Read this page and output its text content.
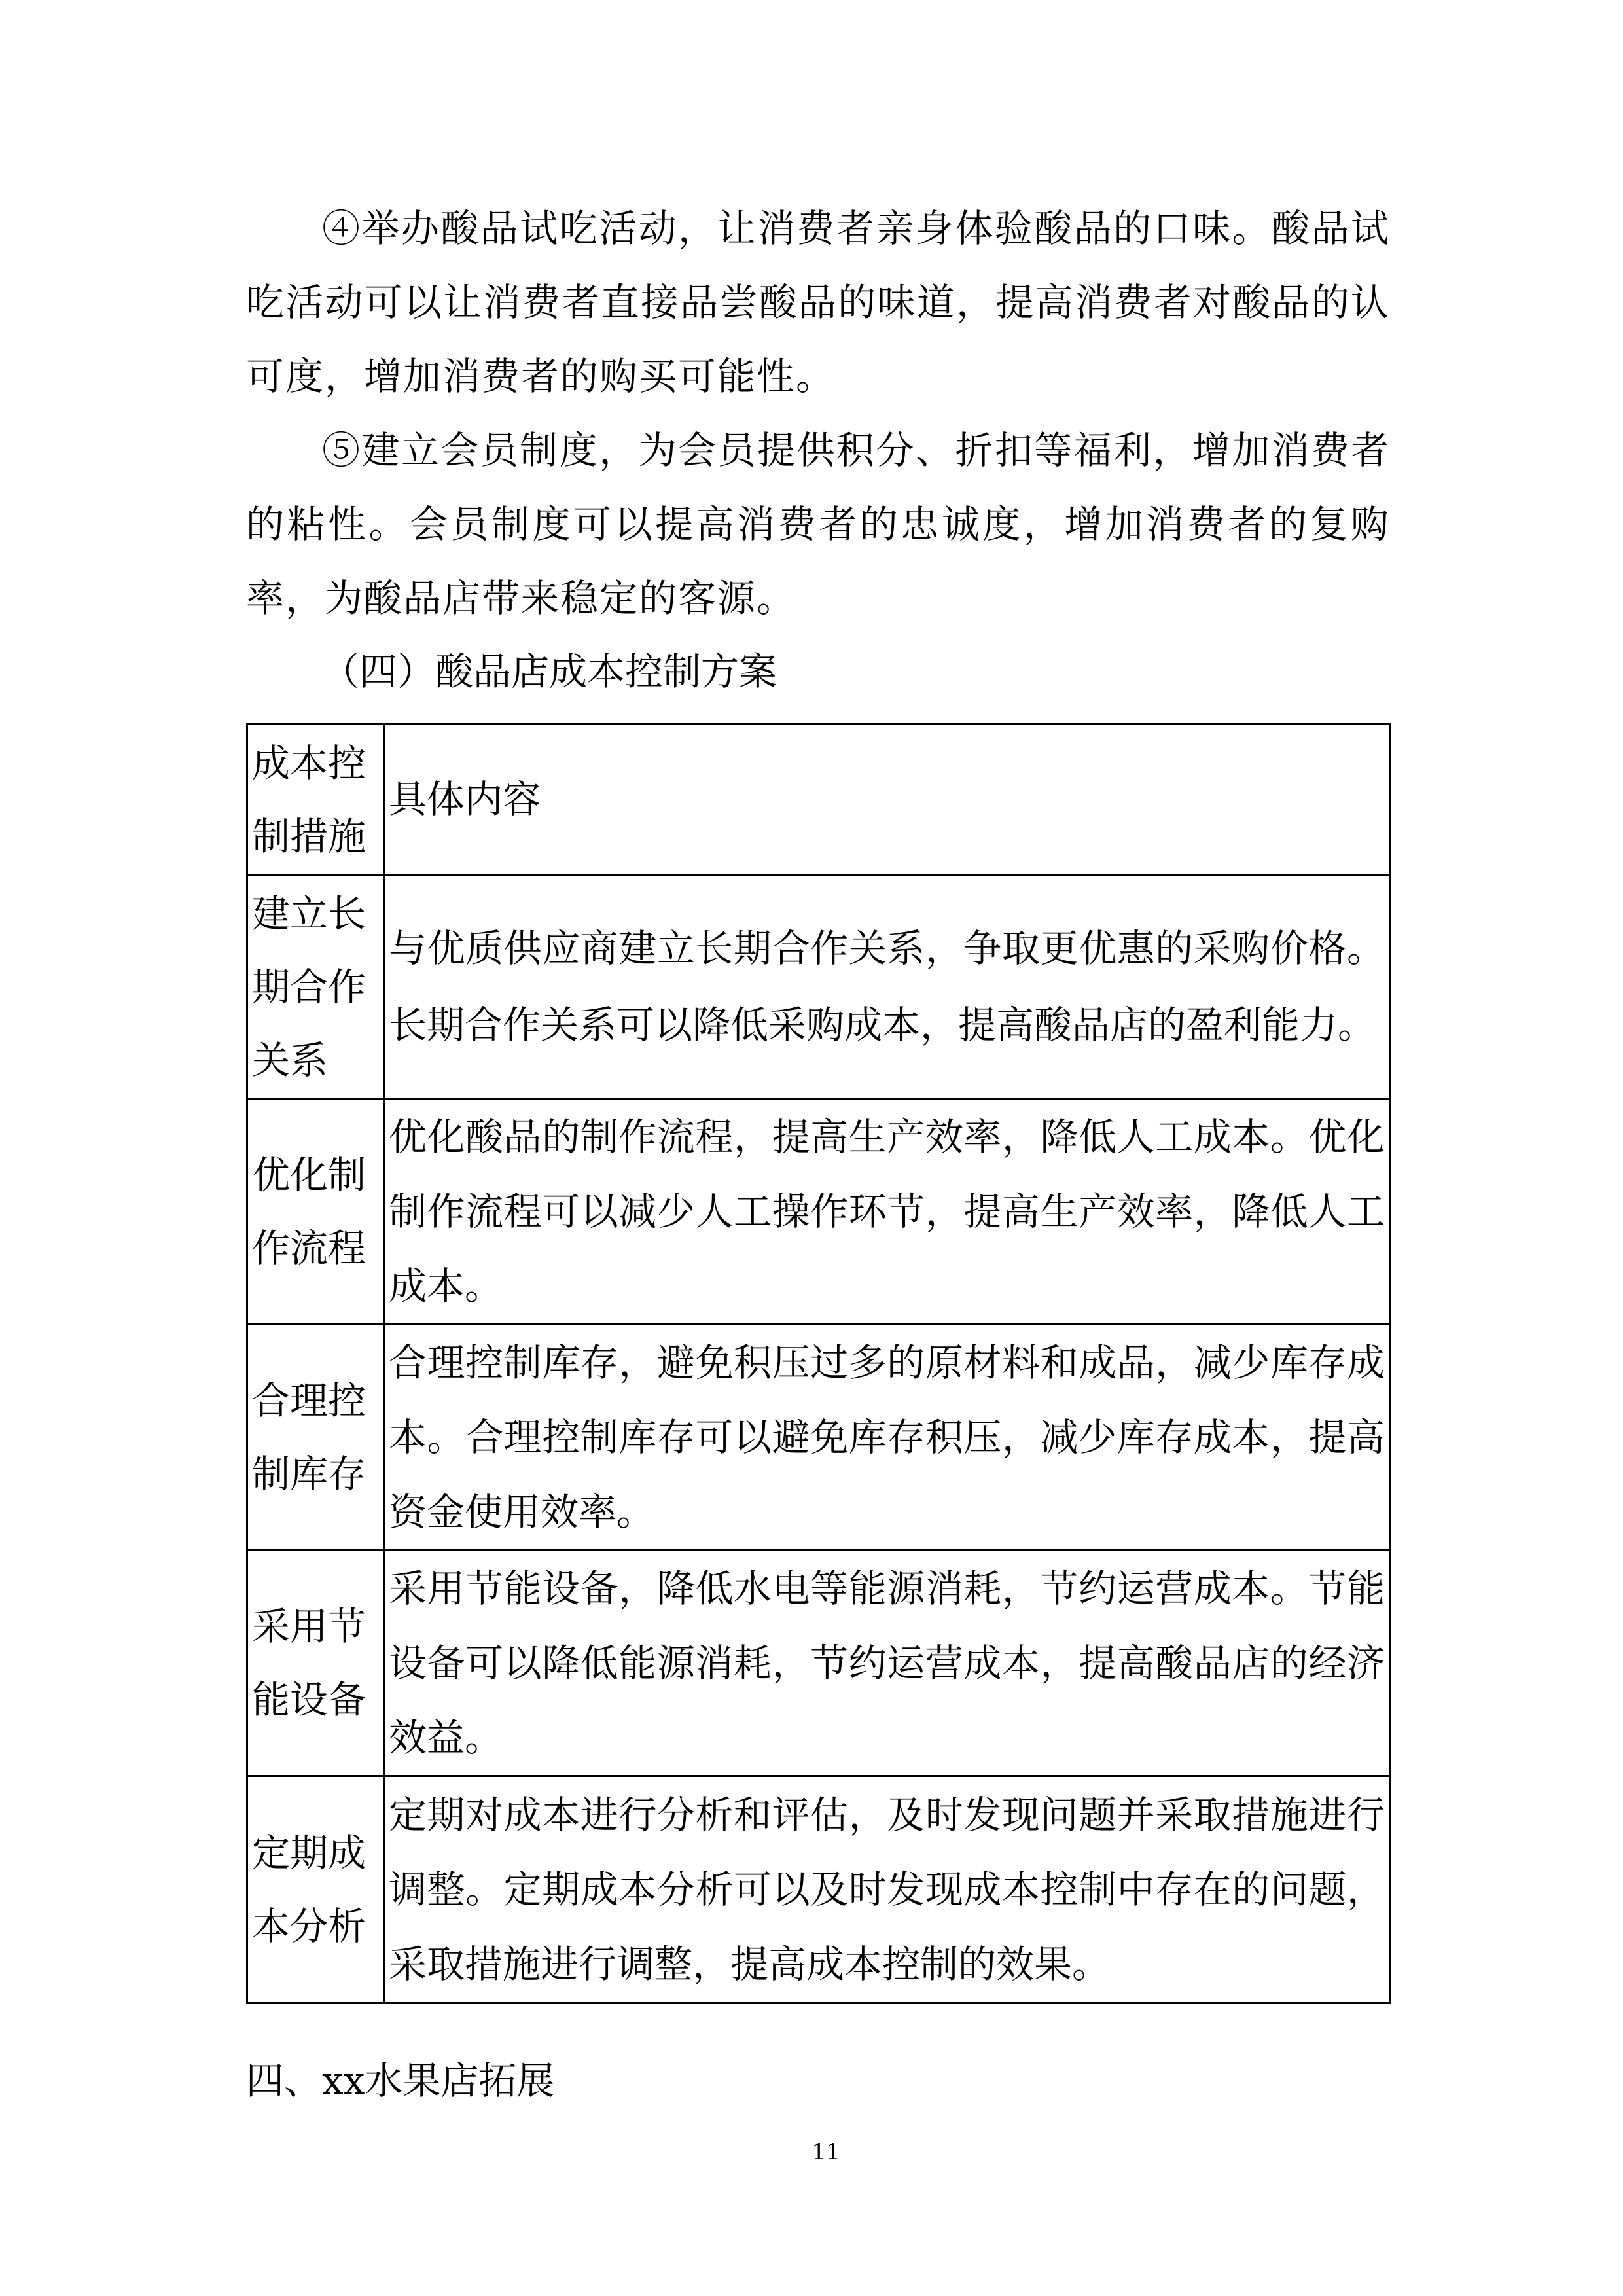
④举办酸品试吃活动，让消费者亲身体验酸品的口味。酸品试吃活动可以让消费者直接品尝酸品的味道，提高消费者对酸品的认可度，增加消费者的购买可能性。

⑤建立会员制度，为会员提供积分、折扣等福利，增加消费者的粘性。会员制度可以提高消费者的忠诚度，增加消费者的复购率，为酸品店带来稳定的客源。

（四）酸品店成本控制方案
成本控制措施	具体内容
建立长期合作关系	与优质供应商建立长期合作关系，争取更优惠的采购价格。长期合作关系可以降低采购成本，提高酸品店的盈利能力。
优化制作流程	优化酸品的制作流程，提高生产效率，降低人工成本。优化制作流程可以减少人工操作环节，提高生产效率，降低人工成本。
合理控制库存	合理控制库存，避免积压过多的原材料和成品，减少库存成本。合理控制库存可以避免库存积压，减少库存成本，提高资金使用效率。
采用节能设备	采用节能设备，降低水电等能源消耗，节约运营成本。节能设备可以降低能源消耗，节约运营成本，提高酸品店的经济效益。
定期成本分析	定期对成本进行分析和评估，及时发现问题并采取措施进行调整。定期成本分析可以及时发现成本控制中存在的问题，采取措施进行调整，提高成本控制的效果。
四、xx水果店拓展
11
